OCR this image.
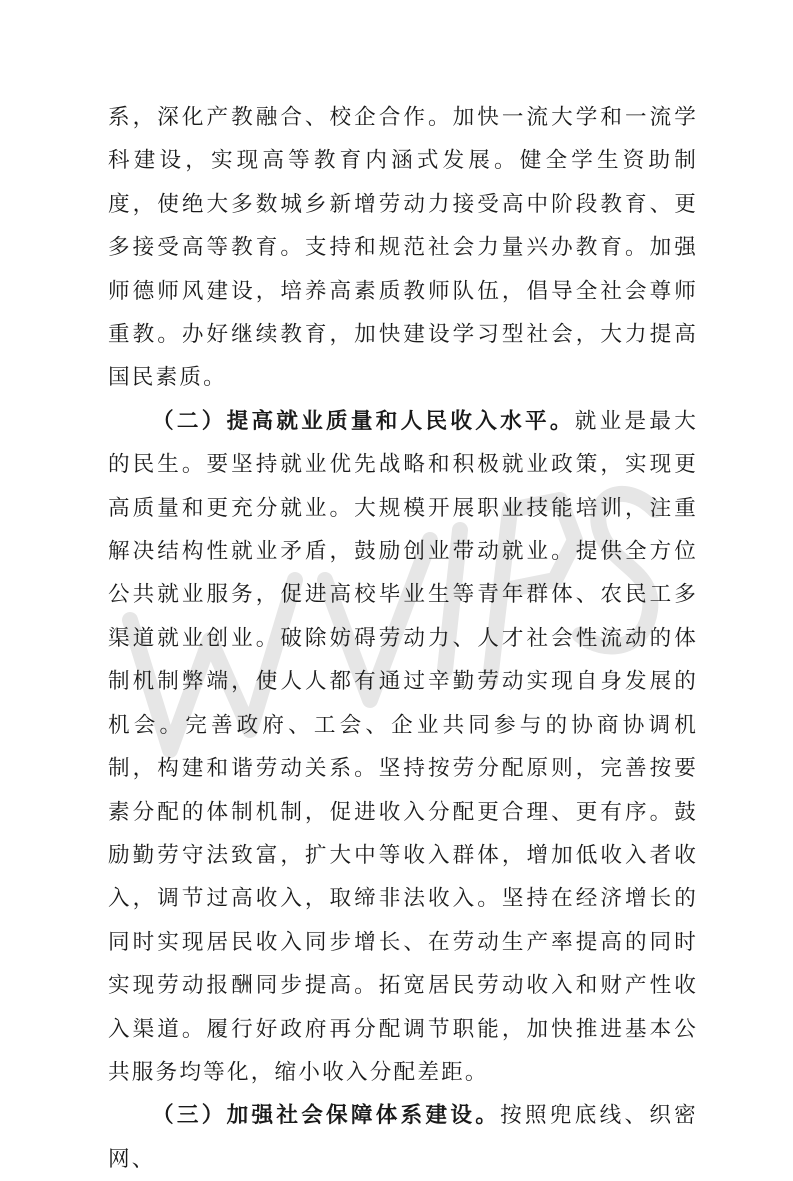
系，深化产教融合、校企合作。加快一流大学和一流学科建设，实现高等教育内涵式发展。健全学生资助制度，使绝大多数城乡新增劳动力接受高中阶段教育、更多接受高等教育。支持和规范社会力量兴办教育。加强师德师风建设，培养高素质教师队伍，倡导全社会尊师重教。办好继续教育，加快建设学习型社会，大力提高国民素质。

（二）提高就业质量和人民收入水平。就业是最大的民生。要坚持就业优先战略和积极就业政策，实现更高质量和更充分就业。大规模开展职业技能培训，注重解决结构性就业矛盾，鼓励创业带动就业。提供全方位公共就业服务，促进高校毕业生等青年群体、农民工多渠道就业创业。破除妨碍劳动力、人才社会性流动的体制机制弊端，使人人都有通过辛勤劳动实现自身发展的机会。完善政府、工会、企业共同参与的协商协调机制，构建和谐劳动关系。坚持按劳分配原则，完善按要素分配的体制机制，促进收入分配更合理、更有序。鼓励勤劳守法致富，扩大中等收入群体，增加低收入者收入，调节过高收入，取缔非法收入。坚持在经济增长的同时实现居民收入同步增长、在劳动生产率提高的同时实现劳动报酬同步提高。拓宽居民劳动收入和财产性收入渠道。履行好政府再分配调节职能，加快推进基本公共服务均等化，缩小收入分配差距。

（三）加强社会保障体系建设。按照兜底线、织密网、
